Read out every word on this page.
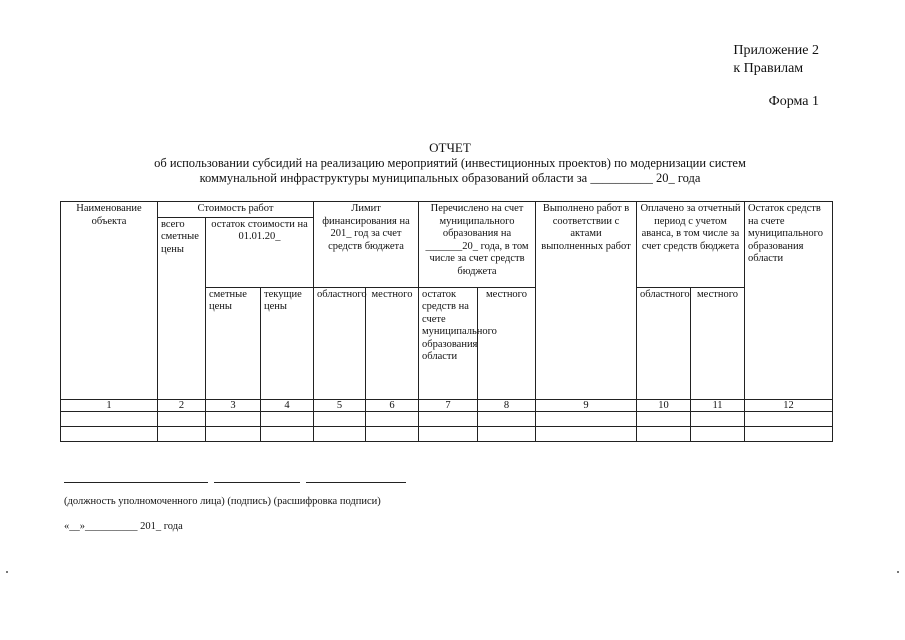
Приложение 2
к Правилам
Форма 1
ОТЧЕТ
об использовании субсидий на реализацию мероприятий (инвестиционных проектов) по модернизации систем
коммунальной инфраструктуры муниципальных образований области за __________ 20_ года
Наименование объекта	Стоимость работ			Лимит финансирования на 201_ год за счет средств бюджета		Перечислено на счет муниципального образования на _______20_ года, в том числе за счет средств бюджета		Выполнено работ в соответствии с актами выполненных работ	Оплачено за отчетный период с учетом аванса, в том числе за счет средств бюджета		Остаток средств на счете муниципального образования области
	всего сметные цены	остаток стоимости на 01.01.20_									
		сметные цены	текущие цены	областного	местного	остаток средств на счете муниципального образования области	местного		областного	местного	
1	2	3	4	5	6	7	8	9	10	11	12

(должность уполномоченного лица) (подпись) (расшифровка подписи)
«__»__________ 201_ года
